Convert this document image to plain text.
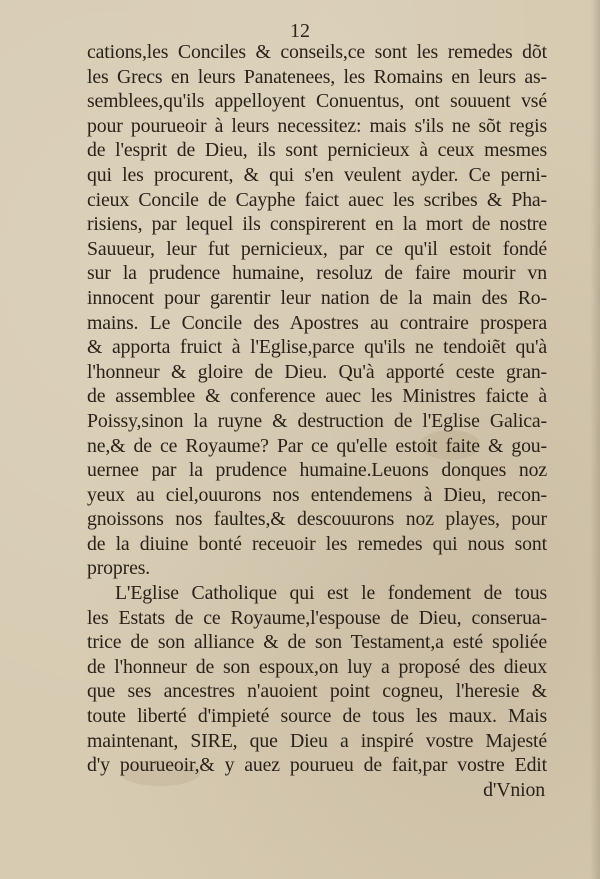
12
cations,les Conciles & conseils,ce sont les remedes dõt
les Grecs en leurs Panatenees, les Romains en leurs as-
semblees,qu'ils appelloyent Conuentus, ont souuent vsé
pour pourueoir à leurs necessitez: mais s'ils ne sõt regis
de l'esprit de Dieu, ils sont pernicieux à ceux mesmes
qui les procurent, & qui s'en veulent ayder. Ce perni-
cieux Concile de Cayphe faict auec les scribes & Pha-
risiens, par lequel ils conspirerent en la mort de nostre
Sauueur, leur fut pernicieux, par ce qu'il estoit fondé
sur la prudence humaine, resoluz de faire mourir vn
innocent pour garentir leur nation de la main des Ro-
mains. Le Concile des Apostres au contraire prospera
& apporta fruict à l'Eglise,parce qu'ils ne tendoiẽt qu'à
l'honneur & gloire de Dieu. Qu'à apporté ceste gran-
de assemblee & conference auec les Ministres faicte à
Poissy,sinon la ruyne & destruction de l'Eglise Galica-
ne,& de ce Royaume? Par ce qu'elle estoit faite & gou-
uernee par la prudence humaine.Leuons donques noz
yeux au ciel,ouurons nos entendemens à Dieu, recon-
gnoissons nos faultes,& descouurons noz playes, pour
de la diuine bonté receuoir les remedes qui nous sont
propres.
L'Eglise Catholique qui est le fondement de tous
les Estats de ce Royaume,l'espouse de Dieu, conserua-
trice de son alliance & de son Testament,a esté spoliée
de l'honneur de son espoux,on luy a proposé des dieux
que ses ancestres n'auoient point cogneu, l'heresie &
toute liberté d'impieté source de tous les maux. Mais
maintenant, SIRE, que Dieu a inspiré vostre Majesté
d'y pourueoir,& y auez pourueu de fait,par vostre Edit
d'Vnion
